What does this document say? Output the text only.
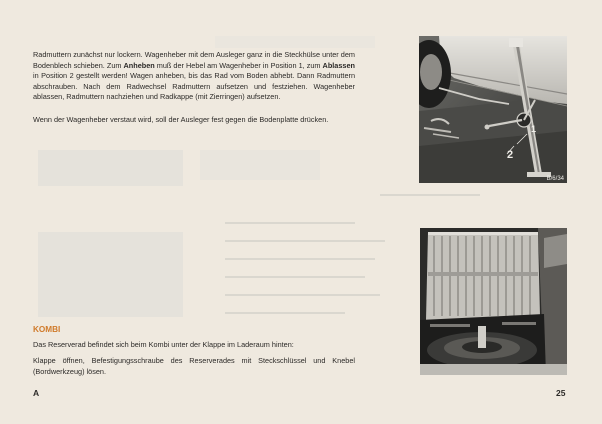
Radmuttern zunächst nur lockern. Wagenheber mit dem Ausleger ganz in die Steckhülse unter dem Bodenblech schieben. Zum Anheben muß der Hebel am Wagenheber in Position 1, zum Ablassen in Position 2 gestellt werden! Wagen anheben, bis das Rad vom Boden abhebt. Dann Radmuttern abschrauben. Nach dem Radwechsel Radmuttern aufsetzen und festziehen. Wagenheber ablassen, Radmuttern nachziehen und Radkappe (mit Zierringen) aufsetzen.

Wenn der Wagenheber verstaut wird, soll der Ausleger fest gegen die Bodenplatte drücken.

1
2
B/6/34

KOMBI

Das Reserverad befindet sich beim Kombi unter der Klappe im Laderaum hinten:

Klappe öffnen, Befestigungsschraube des Reserverades mit Steckschlüssel und Knebel (Bordwerkzeug) lösen.

A	25
